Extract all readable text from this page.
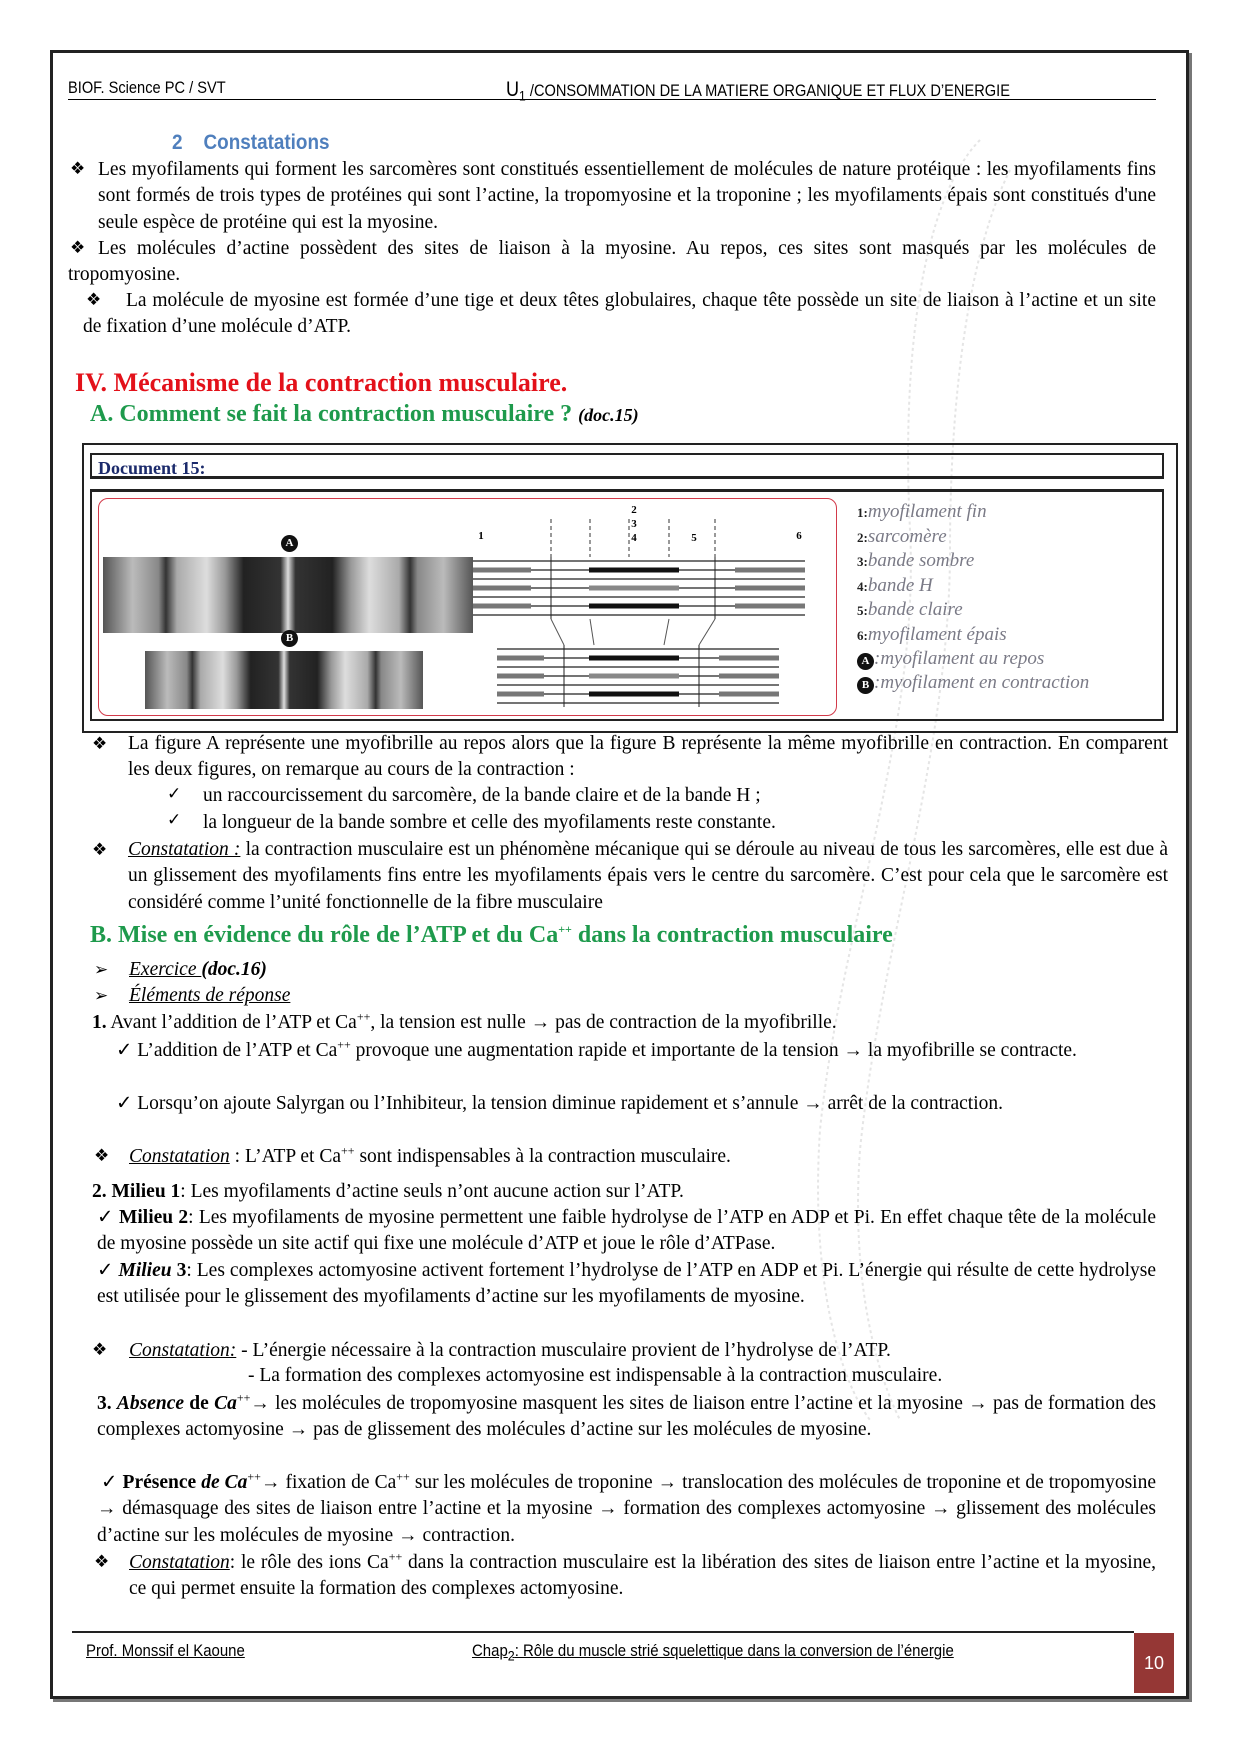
BIOF. Science PC / SVT	$U_1$ /CONSOMMATION DE LA MATIERE ORGANIQUE ET FLUX D’ENERGIE
2 Constatations
❖ Les myofilaments qui forment les sarcomères sont constitués essentiellement de molécules de nature protéique : les myofilaments fins sont formés de trois types de protéines qui sont l’actine, la tropomyosine et la troponine ; les myofilaments épais sont constitués d'une seule espèce de protéine qui est la myosine.
❖ Les molécules d’actine possèdent des sites de liaison à la myosine. Au repos, ces sites sont masqués par les molécules de tropomyosine.
❖	La molécule de myosine est formée d’une tige et deux têtes globulaires, chaque tête possède un site de liaison à l’actine et un site de fixation d’une molécule d’ATP.
IV. Mécanisme de la contraction musculaire.
A. Comment se fait la contraction musculaire ? (doc.15)
Document 15:
A
B
1
2
3
4	5	6
1:myofilament fin
2:sarcomère
3:bande sombre
4:bande H
5:bande claire
6:myofilament épais
A :myofilament au repos
B :myofilament en contraction
❖ La figure A représente une myofibrille au repos alors que la figure B représente la même myofibrille en contraction. En comparent les deux figures, on remarque au cours de la contraction :
✓ un raccourcissement du sarcomère, de la bande claire et de la bande H ;
✓ la longueur de la bande sombre et celle des myofilaments reste constante.
❖ Constatation : la contraction musculaire est un phénomène mécanique qui se déroule au niveau de tous les sarcomères, elle est due à un glissement des myofilaments fins entre les myofilaments épais vers le centre du sarcomère. C’est pour cela que le sarcomère est considéré comme l’unité fonctionnelle de la fibre musculaire
B. Mise en évidence du rôle de l’ATP et du Ca++ dans la contraction musculaire
➢ Exercice (doc.16)
➢ Éléments de réponse
1. Avant l’addition de l’ATP et Ca++, la tension est nulle → pas de contraction de la myofibrille.
✓ L’addition de l’ATP et Ca++ provoque une augmentation rapide et importante de la tension → la myofibrille se contracte.
✓ Lorsqu’on ajoute Salyrgan ou l’Inhibiteur, la tension diminue rapidement et s’annule → arrêt de la contraction.
❖ Constatation : L’ATP et Ca++ sont indispensables à la contraction musculaire.
2. Milieu 1: Les myofilaments d’actine seuls n’ont aucune action sur l’ATP.
✓ Milieu 2: Les myofilaments de myosine permettent une faible hydrolyse de l’ATP en ADP et Pi. En effet chaque tête de la molécule de myosine possède un site actif qui fixe une molécule d’ATP et joue le rôle d’ATPase.
✓ Milieu 3: Les complexes actomyosine activent fortement l’hydrolyse de l’ATP en ADP et Pi. L’énergie qui résulte de cette hydrolyse est utilisée pour le glissement des myofilaments d’actine sur les myofilaments de myosine.
❖ Constatation: - L’énergie nécessaire à la contraction musculaire provient de l’hydrolyse de l’ATP.
- La formation des complexes actomyosine est indispensable à la contraction musculaire.
3. Absence de Ca++→ les molécules de tropomyosine masquent les sites de liaison entre l’actine et la myosine → pas de formation des complexes actomyosine → pas de glissement des molécules d’actine sur les molécules de myosine.
✓ Présence de Ca++→ fixation de Ca++ sur les molécules de troponine → translocation des molécules de troponine et de tropomyosine → démasquage des sites de liaison entre l’actine et la myosine → formation des complexes actomyosine → glissement des molécules d’actine sur les molécules de myosine → contraction.
❖ Constatation: le rôle des ions Ca++ dans la contraction musculaire est la libération des sites de liaison entre l’actine et la myosine, ce qui permet ensuite la formation des complexes actomyosine.
Prof. Monssif el Kaoune	Chap$_2$: Rôle du muscle strié squelettique dans la conversion de l’énergie
10
